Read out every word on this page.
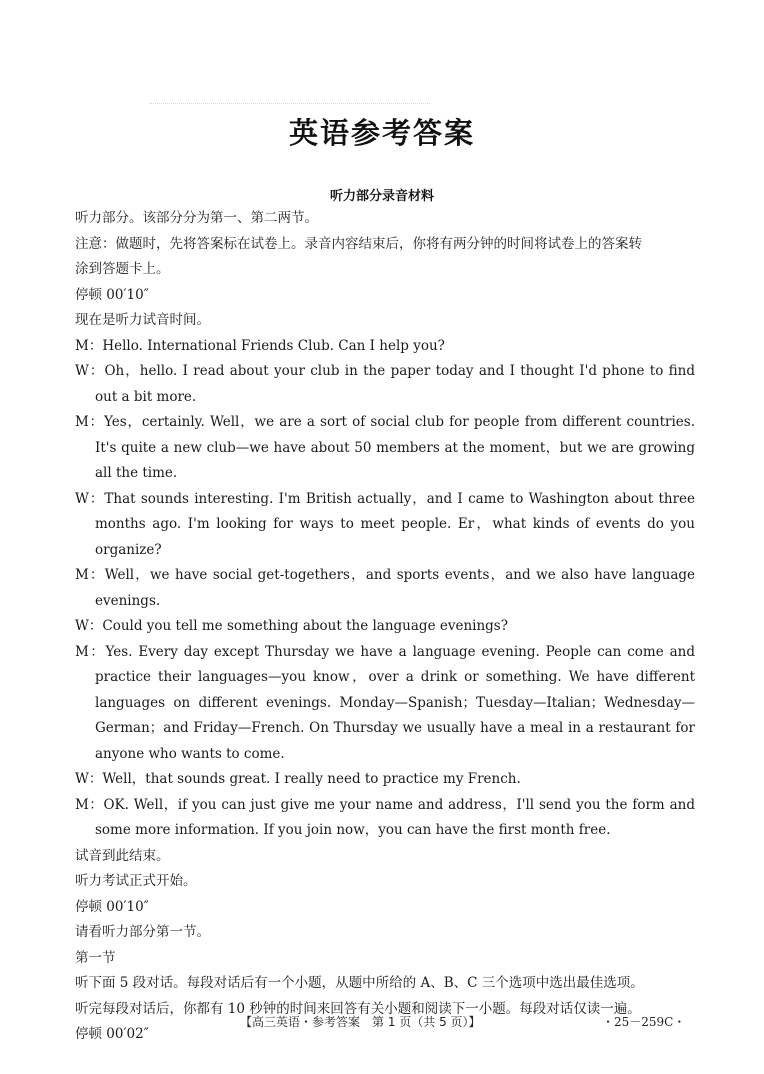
英语参考答案
听力部分录音材料
听力部分。该部分分为第一、第二两节。
注意：做题时，先将答案标在试卷上。录音内容结束后，你将有两分钟的时间将试卷上的答案转
涂到答题卡上。
停顿 00′10″
现在是听力试音时间。
M：Hello. International Friends Club. Can I help you?
W：Oh，hello. I read about your club in the paper today and I thought I'd phone to find out a bit more.
M：Yes，certainly. Well，we are a sort of social club for people from different countries. It's quite a new club—we have about 50 members at the moment，but we are growing all the time.
W：That sounds interesting. I'm British actually，and I came to Washington about three months ago. I'm looking for ways to meet people. Er，what kinds of events do you organize?
M：Well，we have social get-togethers，and sports events，and we also have language evenings.
W：Could you tell me something about the language evenings?
M：Yes. Every day except Thursday we have a language evening. People can come and practice their languages—you know，over a drink or something. We have different languages on different evenings. Monday—Spanish；Tuesday—Italian；Wednesday—German；and Friday—French. On Thursday we usually have a meal in a restaurant for anyone who wants to come.
W：Well，that sounds great. I really need to practice my French.
M：OK. Well，if you can just give me your name and address，I'll send you the form and some more information. If you join now，you can have the first month free.
试音到此结束。
听力考试正式开始。
停顿 00′10″
请看听力部分第一节。
第一节
听下面 5 段对话。每段对话后有一个小题，从题中所给的 A、B、C 三个选项中选出最佳选项。
听完每段对话后，你都有 10 秒钟的时间来回答有关小题和阅读下一小题。每段对话仅读一遍。
停顿 00′02″
【高三英语・参考答案　第 1 页（共 5 页）】	・25－259C・
